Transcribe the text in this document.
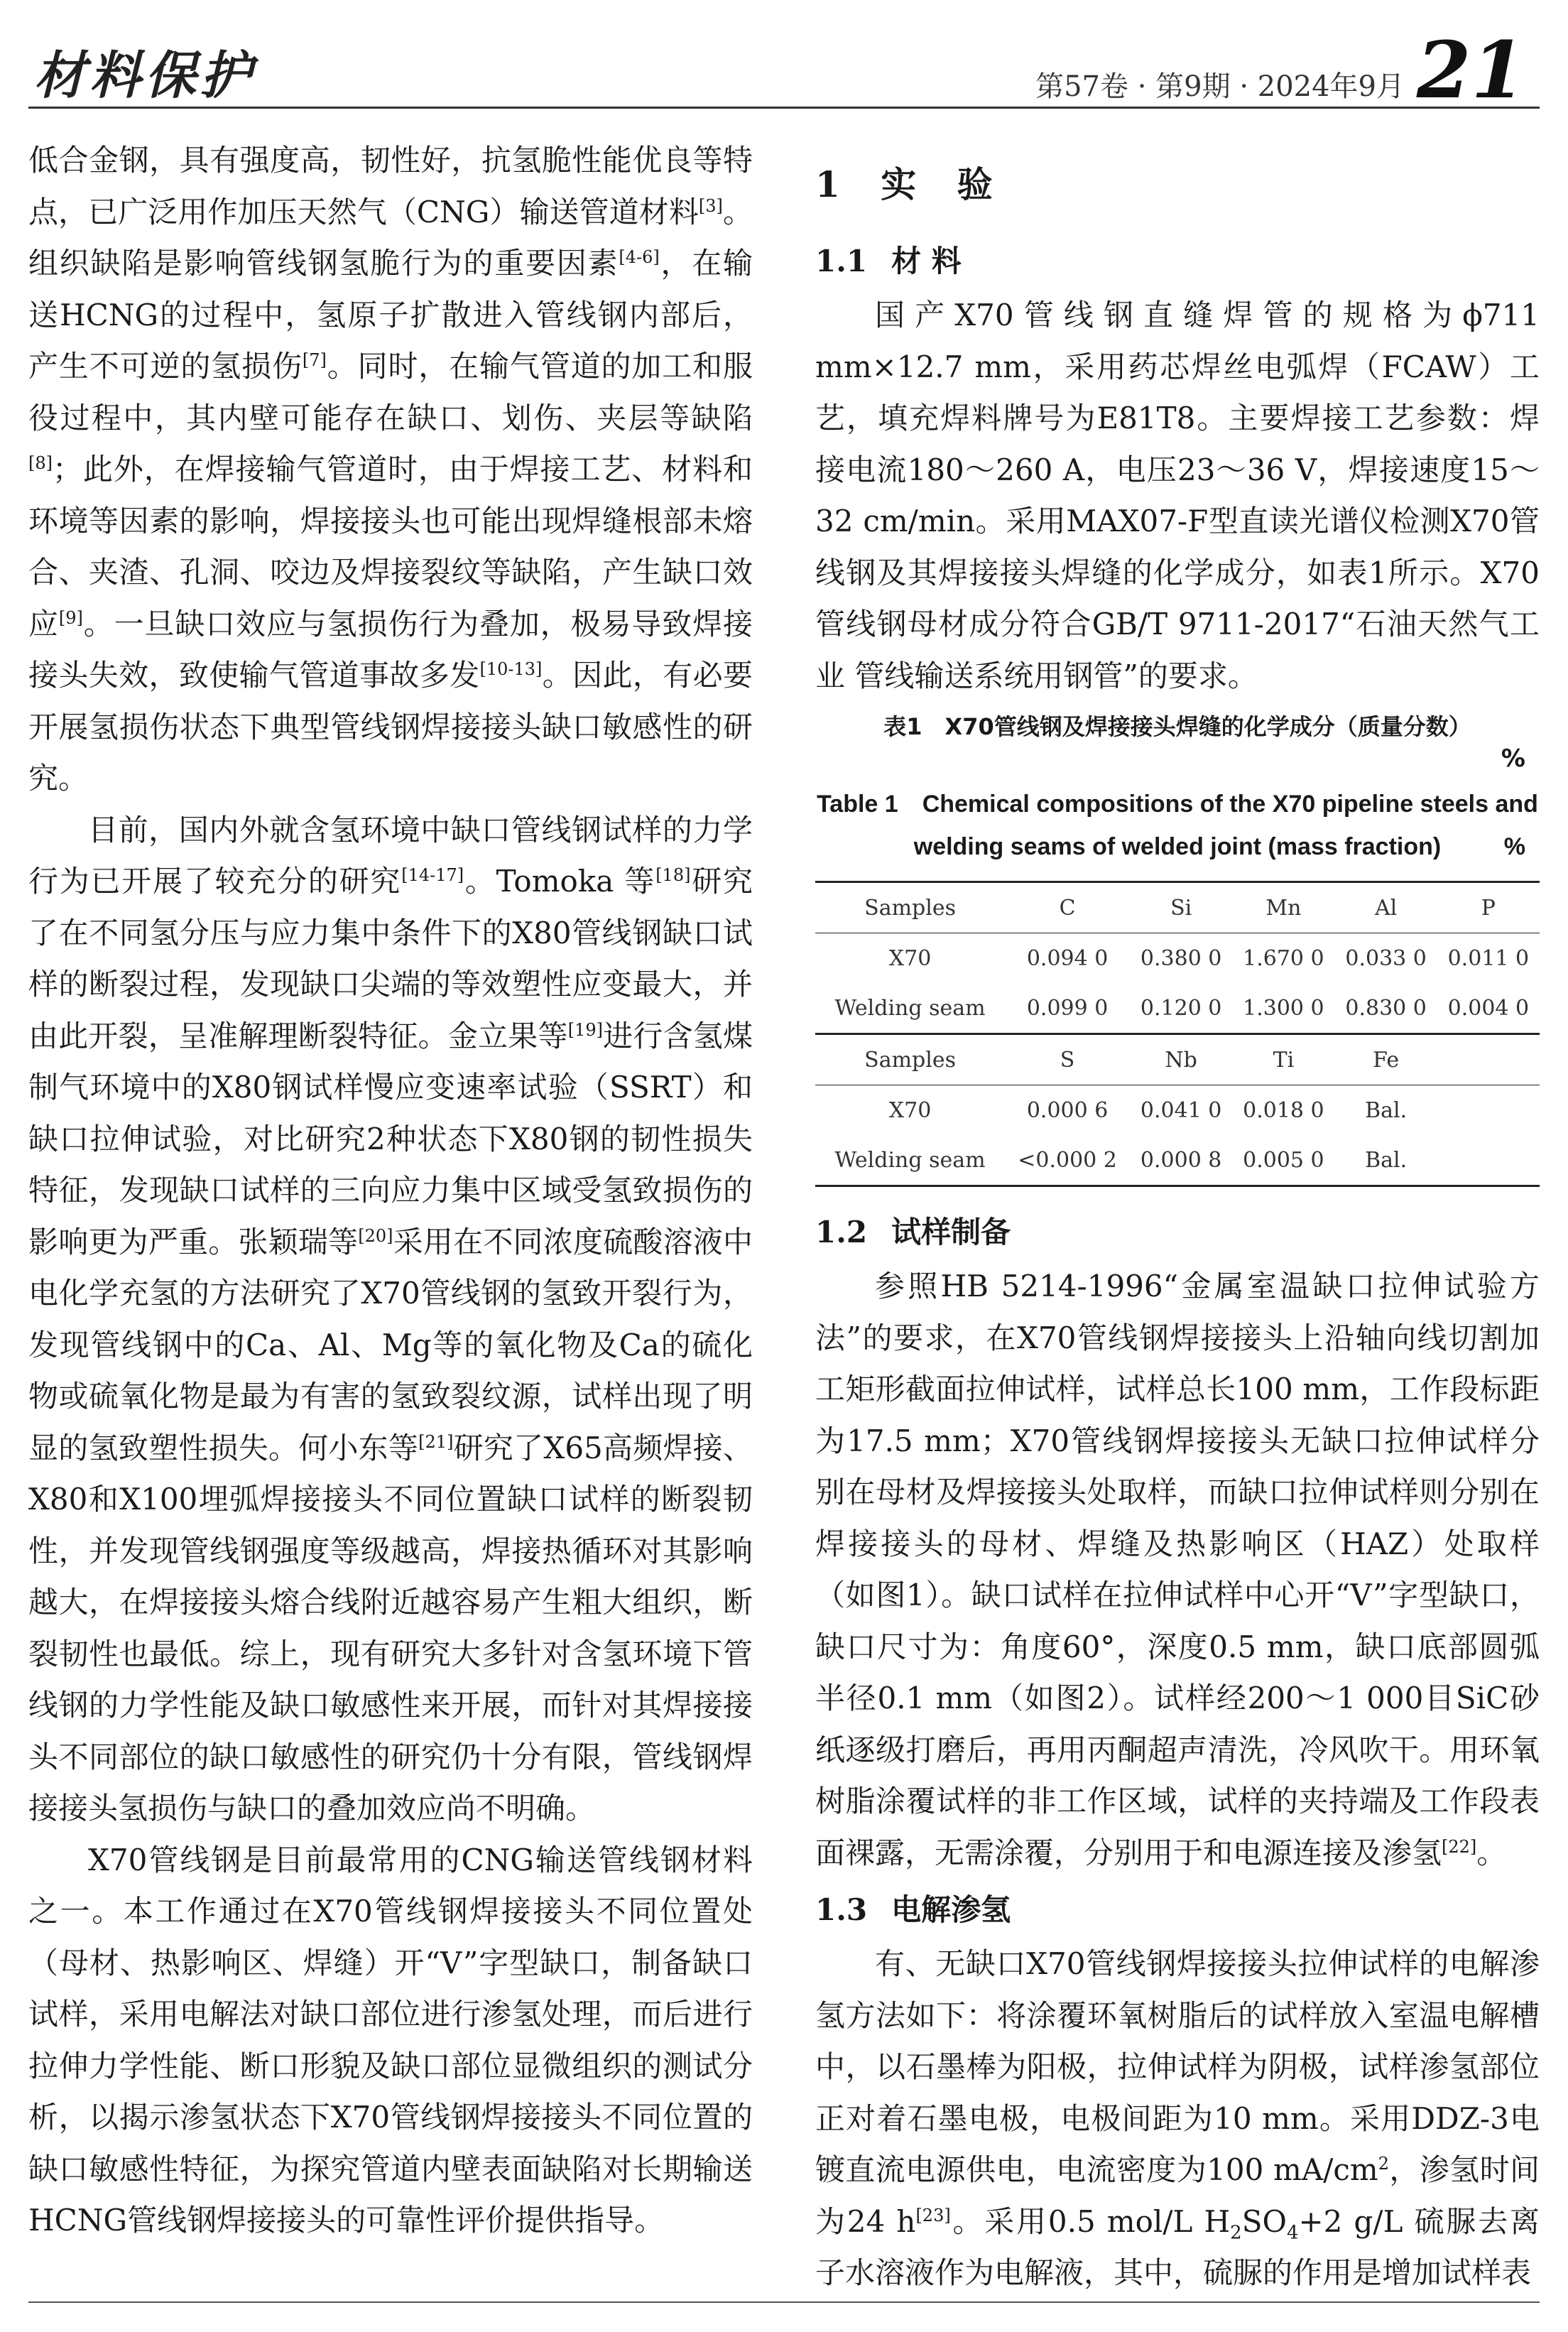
材料保护	第57卷 · 第9期 · 2024年9月 21

低合金钢，具有强度高，韧性好，抗氢脆性能优良等特点，已广泛用作加压天然气（CNG）输送管道材料[3]。组织缺陷是影响管线钢氢脆行为的重要因素[4-6]，在输送HCNG的过程中，氢原子扩散进入管线钢内部后，产生不可逆的氢损伤[7]。同时，在输气管道的加工和服役过程中，其内壁可能存在缺口、划伤、夹层等缺陷[8]；此外，在焊接输气管道时，由于焊接工艺、材料和环境等因素的影响，焊接接头也可能出现焊缝根部未熔合、夹渣、孔洞、咬边及焊接裂纹等缺陷，产生缺口效应[9]。一旦缺口效应与氢损伤行为叠加，极易导致焊接接头失效，致使输气管道事故多发[10-13]。因此，有必要开展氢损伤状态下典型管线钢焊接接头缺口敏感性的研究。

目前，国内外就含氢环境中缺口管线钢试样的力学行为已开展了较充分的研究[14-17]。Tomoka 等[18]研究了在不同氢分压与应力集中条件下的X80管线钢缺口试样的断裂过程，发现缺口尖端的等效塑性应变最大，并由此开裂，呈准解理断裂特征。金立果等[19]进行含氢煤制气环境中的X80钢试样慢应变速率试验（SSRT）和缺口拉伸试验，对比研究2种状态下X80钢的韧性损失特征，发现缺口试样的三向应力集中区域受氢致损伤的影响更为严重。张颖瑞等[20]采用在不同浓度硫酸溶液中电化学充氢的方法研究了X70管线钢的氢致开裂行为，发现管线钢中的Ca、Al、Mg等的氧化物及Ca的硫化物或硫氧化物是最为有害的氢致裂纹源，试样出现了明显的氢致塑性损失。何小东等[21]研究了X65高频焊接、X80和X100埋弧焊接接头不同位置缺口试样的断裂韧性，并发现管线钢强度等级越高，焊接热循环对其影响越大，在焊接接头熔合线附近越容易产生粗大组织，断裂韧性也最低。综上，现有研究大多针对含氢环境下管线钢的力学性能及缺口敏感性来开展，而针对其焊接接头不同部位的缺口敏感性的研究仍十分有限，管线钢焊接接头氢损伤与缺口的叠加效应尚不明确。

X70管线钢是目前最常用的CNG输送管线钢材料之一。本工作通过在X70管线钢焊接接头不同位置处（母材、热影响区、焊缝）开“V”字型缺口，制备缺口试样，采用电解法对缺口部位进行渗氢处理，而后进行拉伸力学性能、断口形貌及缺口部位显微组织的测试分析，以揭示渗氢状态下X70管线钢焊接接头不同位置的缺口敏感性特征，为探究管道内壁表面缺陷对长期输送HCNG管线钢焊接接头的可靠性评价提供指导。

1 实 验
1.1 材 料

国产X70管线钢直缝焊管的规格为ϕ711 mm×12.7 mm，采用药芯焊丝电弧焊（FCAW）工艺，填充焊料牌号为E81T8。主要焊接工艺参数：焊接电流180～260 A，电压23～36 V，焊接速度15～32 cm/min。采用MAX07-F型直读光谱仪检测X70管线钢及其焊接接头焊缝的化学成分，如表1所示。X70管线钢母材成分符合GB/T 9711-2017“石油天然气工业 管线输送系统用钢管”的要求。

表1　X70管线钢及焊接接头焊缝的化学成分（质量分数）
%
Table 1　Chemical compositions of the X70 pipeline steels and
welding seams of welded joint (mass fraction)	%
Samples	C	Si	Mn	Al	P
X70	0.094 0	0.380 0	1.670 0	0.033 0	0.011 0
Welding seam	0.099 0	0.120 0	1.300 0	0.830 0	0.004 0
Samples	S	Nb	Ti	Fe	
X70	0.000 6	0.041 0	0.018 0	Bal.	
Welding seam	<0.000 2	0.000 8	0.005 0	Bal.	
1.2 试样制备

参照HB 5214-1996“金属室温缺口拉伸试验方法”的要求，在X70管线钢焊接接头上沿轴向线切割加工矩形截面拉伸试样，试样总长100 mm，工作段标距为17.5 mm；X70管线钢焊接接头无缺口拉伸试样分别在母材及焊接接头处取样，而缺口拉伸试样则分别在焊接接头的母材、焊缝及热影响区（HAZ）处取样（如图1）。缺口试样在拉伸试样中心开“V”字型缺口，缺口尺寸为：角度60°，深度0.5 mm，缺口底部圆弧半径0.1 mm（如图2）。试样经200～1 000目SiC砂纸逐级打磨后，再用丙酮超声清洗，冷风吹干。用环氧树脂涂覆试样的非工作区域，试样的夹持端及工作段表面裸露，无需涂覆，分别用于和电源连接及渗氢[22]。

1.3 电解渗氢

有、无缺口X70管线钢焊接接头拉伸试样的电解渗氢方法如下：将涂覆环氧树脂后的试样放入室温电解槽中，以石墨棒为阳极，拉伸试样为阴极，试样渗氢部位正对着石墨电极，电极间距为10 mm。采用DDZ-3电镀直流电源供电，电流密度为100 $mA/cm^2$，渗氢时间为24 h[23]。采用0.5 mol/L $H_2SO_4+2$ g/L 硫脲去离子水溶液作为电解液，其中，硫脲的作用是增加试样表
